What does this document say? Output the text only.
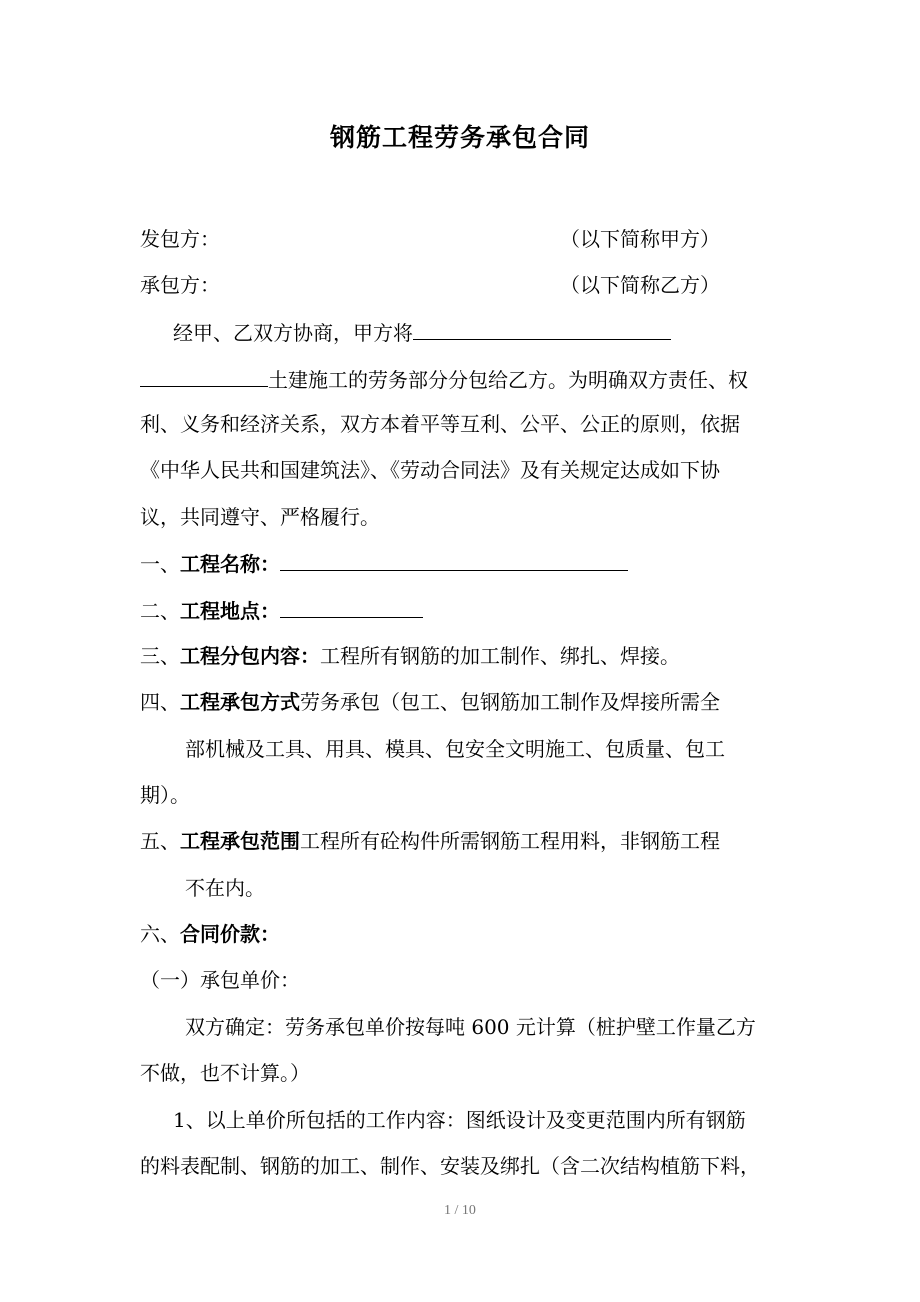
钢筋工程劳务承包合同
发包方：	（以下简称甲方）
承包方：	（以下简称乙方）
经甲、乙双方协商，甲方将
土建施工的劳务部分分包给乙方。为明确双方责任、权
利、义务和经济关系，双方本着平等互利、公平、公正的原则，依据
《中华人民共和国建筑法》、《劳动合同法》及有关规定达成如下协
议，共同遵守、严格履行。
一、工程名称：
二、工程地点：
三、工程分包内容：工程所有钢筋的加工制作、绑扎、焊接。
四、工程承包方式劳务承包（包工、包钢筋加工制作及焊接所需全
部机械及工具、用具、模具、包安全文明施工、包质量、包工
期）。
五、工程承包范围工程所有砼构件所需钢筋工程用料，非钢筋工程
不在内。
六、合同价款：
（一）承包单价：
双方确定：劳务承包单价按每吨 600 元计算（桩护壁工作量乙方
不做，也不计算。）
1、以上单价所包括的工作内容：图纸设计及变更范围内所有钢筋
的料表配制、钢筋的加工、制作、安装及绑扎（含二次结构植筋下料，
1 / 10
